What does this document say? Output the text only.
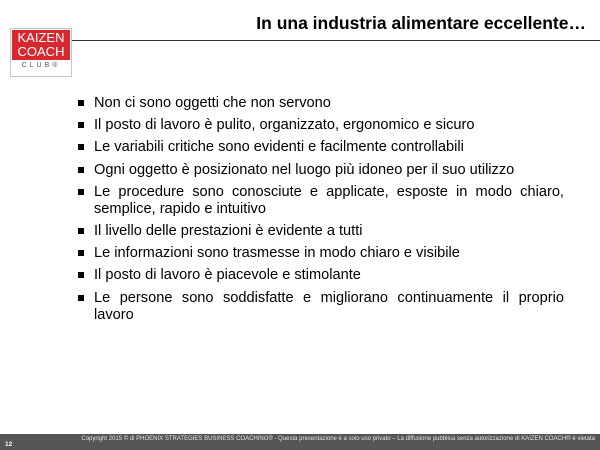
KAIZEN
COACH
CLUB®
In una industria alimentare eccellente…
Non ci sono oggetti che non servono
Il posto di lavoro è pulito, organizzato, ergonomico e sicuro
Le variabili critiche sono evidenti e facilmente controllabili
Ogni oggetto è posizionato nel luogo più idoneo per il suo utilizzo
Le procedure sono conosciute e applicate, esposte in modo chiaro, semplice, rapido e intuitivo
Il livello delle prestazioni è evidente a tutti
Le informazioni sono trasmesse in modo chiaro e visibile
Il posto di lavoro è piacevole e stimolante
Le persone sono soddisfatte e migliorano continuamente il proprio lavoro
Copyright 2015 © di PHOENIX STRATEGIES BUSINESS COACHING® - Questa presentazione è a solo uso privato – La diffusione pubblica senza autorizzazione di KAIZEN COACH® è vietata
12
